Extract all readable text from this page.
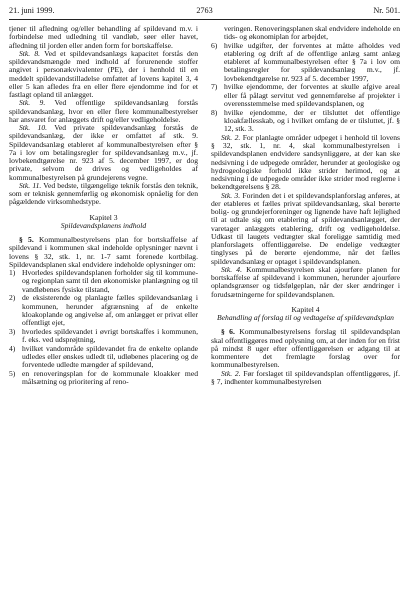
21. juni 1999.	2763	Nr. 501.

tjener til afledning og/eller behandling af spildevand m.v. i forbindelse med udledning til vandløb, søer eller havet, afledning til jorden eller anden form for bortskaffelse.

Stk. 8. Ved et spildevandsanlægs kapacitet forstås den spildevandsmængde med indhold af forurenende stoffer angivet i personækvivalenter (PE), der i henhold til en meddelt spildevandstilladelse omfattet af lovens kapitel 3, 4 eller 5 kan afledes fra en eller flere ejendomme ind for et fastlagt opland til anlægget.

Stk. 9. Ved offentlige spildevandsanlæg forstås spildevandsanlæg, hvor en eller flere kommunalbestyrelser har ansvaret for anlæggets drift og/eller vedligeholdelse.

Stk. 10. Ved private spildevandsanlæg forstås de spildevandsanlæg, der ikke er omfattet af stk. 9. Spildevandsanlæg etableret af kommunalbestyrelsen efter § 7a i lov om betalingsregler for spildevandsanlæg m.v., jf. lovbekendtgørelse nr. 923 af 5. december 1997, er dog private, selvom de drives og vedligeholdes af kommunalbestyrelsen på grundejerens vegne.

Stk. 11. Ved bedste, tilgængelige teknik forstås den teknik, som er teknisk gennemførlig og økonomisk opnåelig for den pågældende virksomhedstype.

Kapitel 3
Spildevandsplanens indhold

§ 5. Kommunalbestyrelsens plan for bortskaffelse af spildevand i kommunen skal indeholde oplysninger nævnt i lovens § 32, stk. 1, nr. 1-7 samt forenede kortbilag. Spildevandsplanen skal endvidere indeholde oplysninger om:

1) Hvorledes spildevandsplanen forholder sig til kommune- og regionplan samt til den økonomiske planlægning og til vandløbenes fysiske tilstand,
2) de eksisterende og planlagte fælles spildevandsanlæg i kommunen, herunder afgrænsning af de enkelte kloakoplande og angivelse af, om anlægget er privat eller offentligt ejet,
3) hvorledes spildevandet i øvrigt bortskaffes i kommunen, f. eks. ved udsprøjtning,
4) hvilket vandområde spildevandet fra de enkelte oplande udledes eller ønskes udledt til, udløbenes placering og de forventede udledte mængder af spildevand,
5) en renoveringsplan for de kommunale kloakker med målsætning og prioritering af reno-

veringen. Renoveringsplanen skal endvidere indeholde en tids- og økonomiplan for arbejdet,

6) hvilke udgifter, der forventes at måtte afholdes ved etablering og drift af de offentlige anlæg samt anlæg etableret af kommunalbestyrelsen efter § 7a i lov om betalingsregler for spildevandsanlæg m.v., jf. lovbekendtgørelse nr. 923 af 5. december 1997,
7) hvilke ejendomme, der forventes at skulle afgive areal eller få pålagt servitut ved gennemførelse af projekter i overensstemmelse med spildevandsplanen, og
8) hvilke ejendomme, der er tilsluttet det offentlige kloakfællesskab, og i hvilket omfang de er tilsluttet, jf. § 12, stk. 3.

Stk. 2. For planlagte områder udpeget i henhold til lovens § 32, stk. 1, nr. 4, skal kommunalbestyrelsen i spildevandsplanen endvidere sandsynliggøre, at der kan ske nedsivning i de udpegede områder, herunder at geologiske og hydrogeologiske forhold ikke strider herimod, og at nedsivning i de udpegede områder ikke strider mod reglerne i bekendtgørelsens § 28.

Stk. 3. Forinden det i et spildevandsplanforslag anføres, at der etableres et fælles privat spildevandsanlæg, skal berørte bolig- og grundejerforeninger og lignende have haft lejlighed til at udtale sig om etablering af spildevandsanlægget, der varetager anlæggets etablering, drift og vedligeholdelse. Udkast til laugets vedtægter skal foreligge samtidig med planforslagets offentliggørelse. De endelige vedtægter tinglyses på de berørte ejendomme, når det fælles spildevandsanlæg er optaget i spildevandsplanen.

Stk. 4. Kommunalbestyrelsen skal ajourføre planen for bortskaffelse af spildevand i kommunen, herunder ajourføre oplandsgrænser og tidsfølgeplan, når der sker ændringer i forudsætningerne for spildevandsplanen.

Kapitel 4
Behandling af forslag til og vedtagelse af spildevandsplan

§ 6. Kommunalbestyrelsens forslag til spildevandsplan skal offentliggøres med oplysning om, at der inden for en frist på mindst 8 uger efter offentliggørelsen er adgang til at kommentere det fremlagte forslag over for kommunalbestyrelsen.

Stk. 2. Før forslaget til spildevandsplan offentliggøres, jf. § 7, indhenter kommunalbestyrelsen
